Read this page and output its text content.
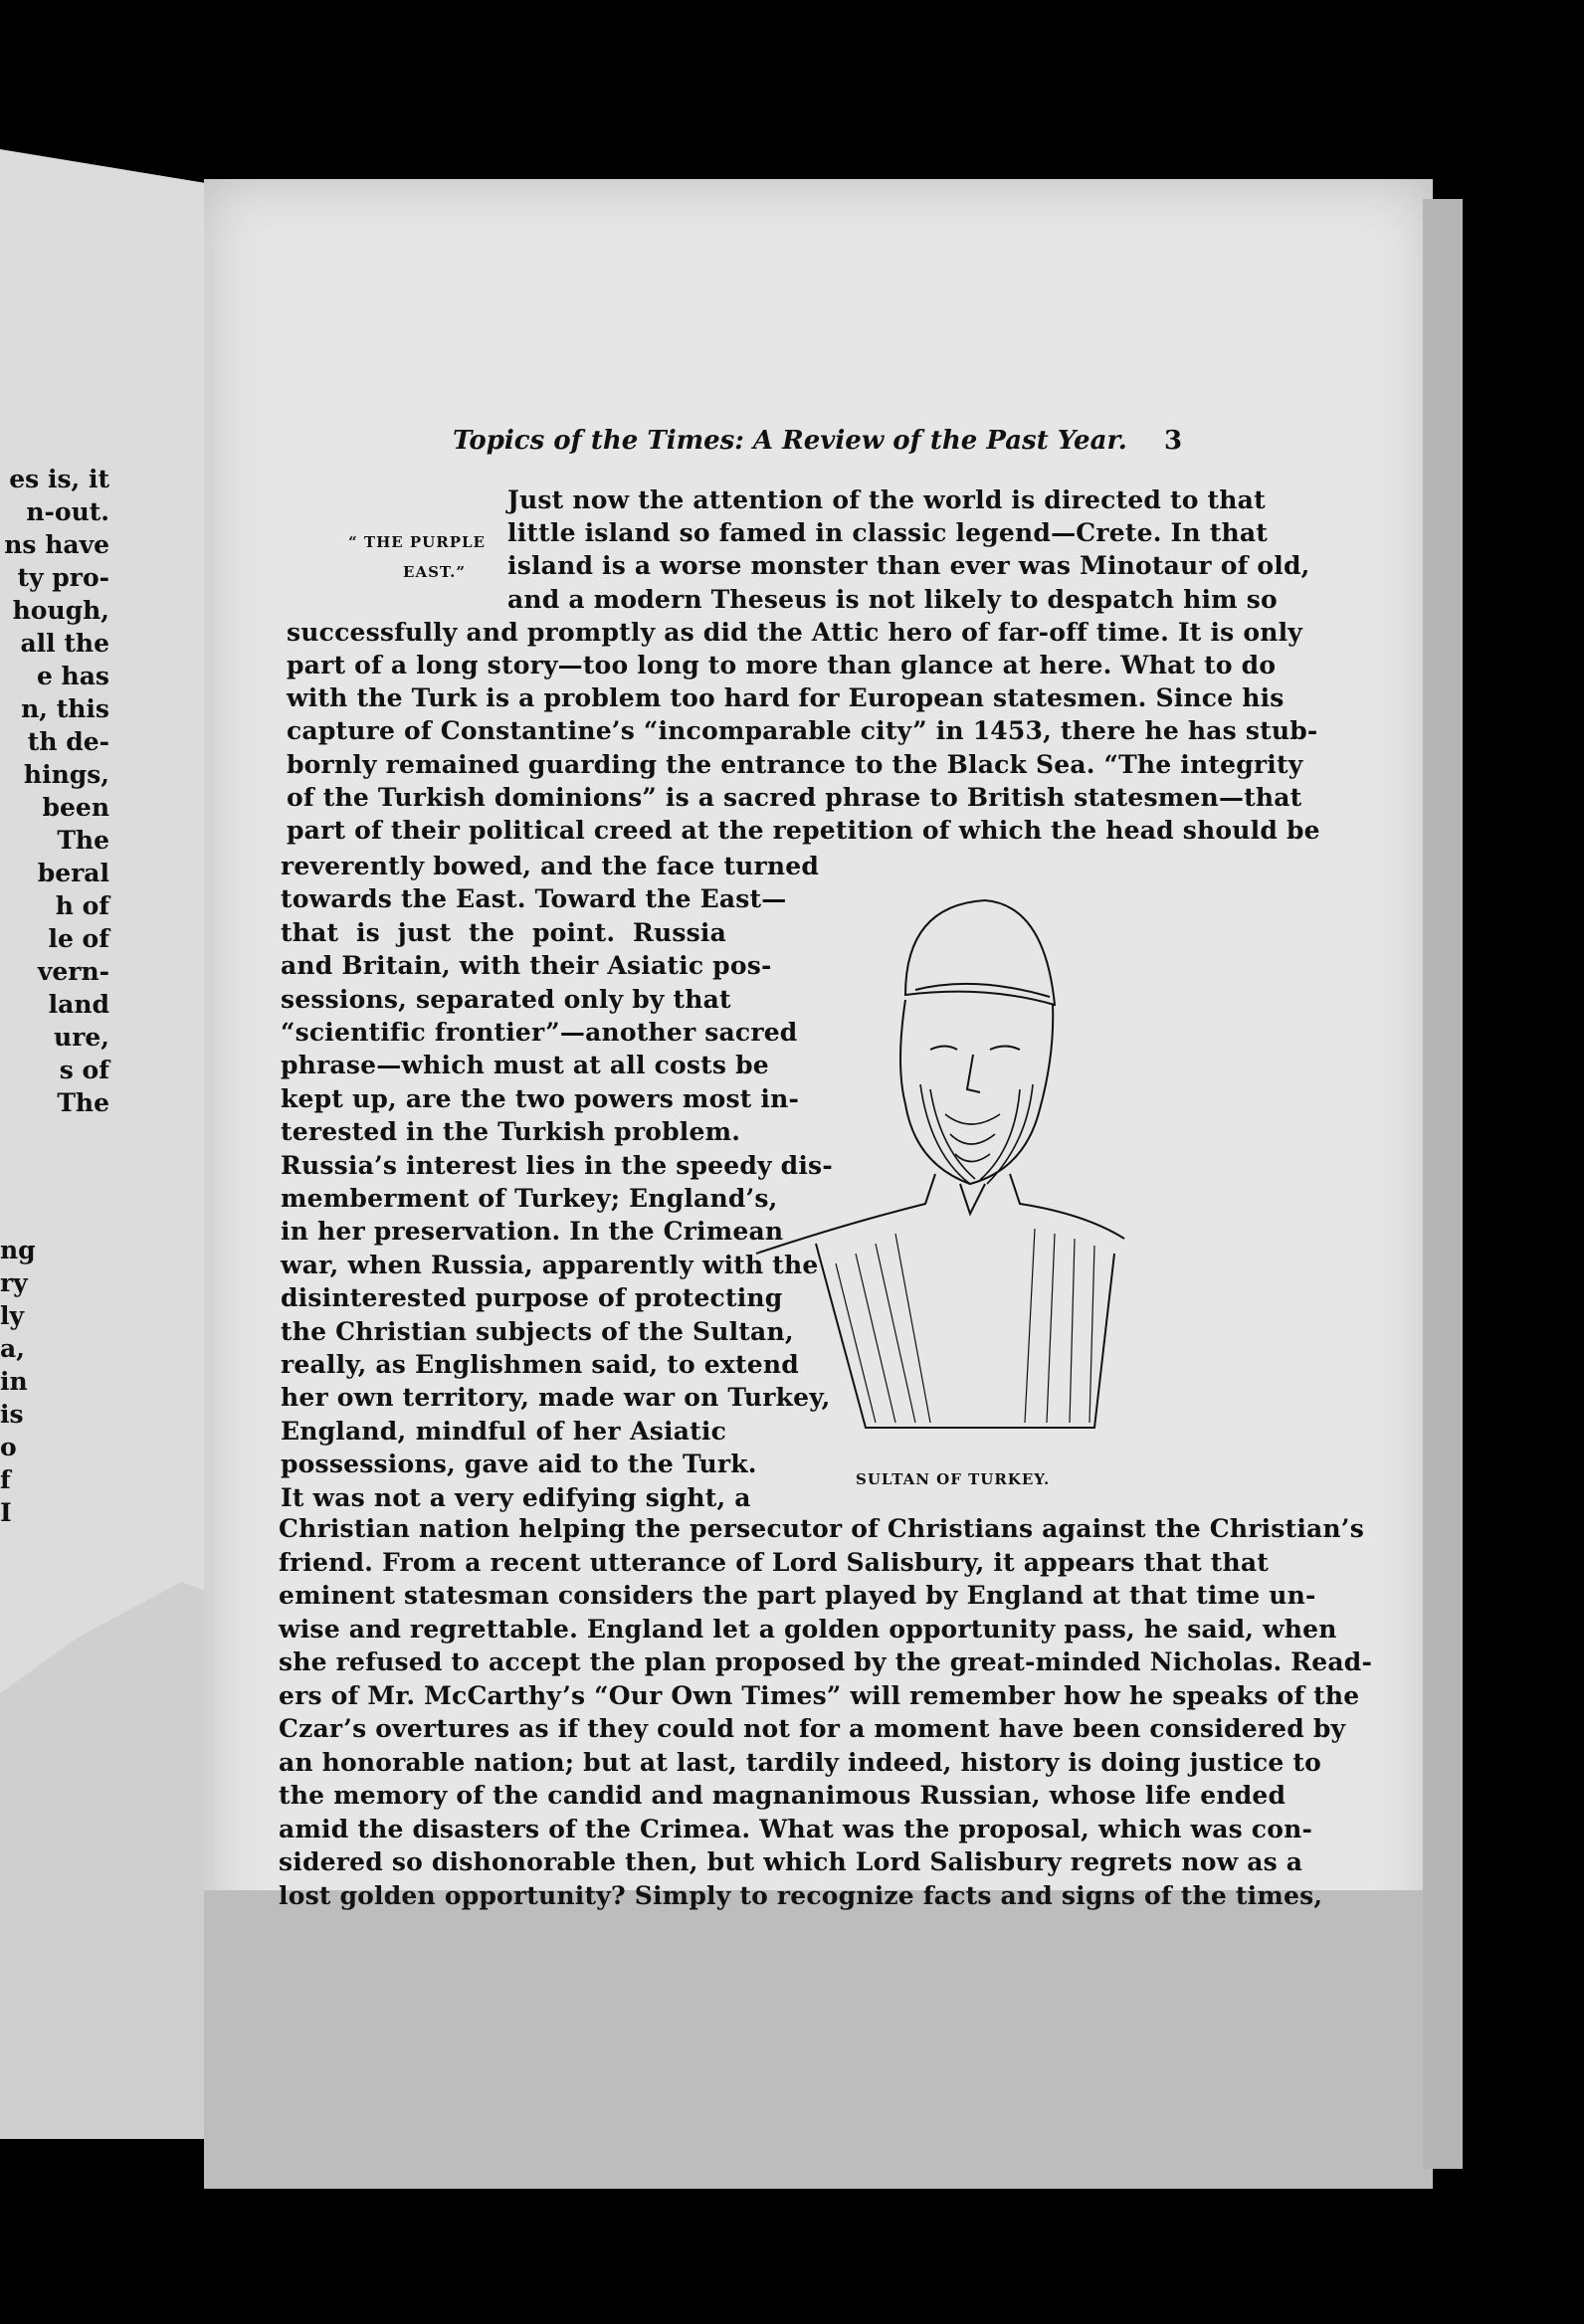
es is, it
n-out.
ns have
ty pro-
hough,
all the
e has
n, this
th de-
hings,
been
The
beral
h of
le of
vern-
land
ure,
s of
The
ng
ry
ly
a,
in
is
o
f
I
Topics of the Times: A Review of the Past Year. 3
“ THE PURPLE
EAST.”
Just now the attention of the world is directed to that
little island so famed in classic legend—Crete. In that
island is a worse monster than ever was Minotaur of old,
and a modern Theseus is not likely to despatch him so
successfully and promptly as did the Attic hero of far-off time. It is only
part of a long story—too long to more than glance at here. What to do
with the Turk is a problem too hard for European statesmen. Since his
capture of Constantine’s “incomparable city” in 1453, there he has stub-
bornly remained guarding the entrance to the Black Sea. “The integrity
of the Turkish dominions” is a sacred phrase to British statesmen—that
part of their political creed at the repetition of which the head should be
reverently bowed, and the face turned
towards the East. Toward the East—
that is just the point. Russia
and Britain, with their Asiatic pos-
sessions, separated only by that
“scientific frontier”—another sacred
phrase—which must at all costs be
kept up, are the two powers most in-
terested in the Turkish problem.
Russia’s interest lies in the speedy dis-
memberment of Turkey; England’s,
in her preservation. In the Crimean
war, when Russia, apparently with the
disinterested purpose of protecting
the Christian subjects of the Sultan,
really, as Englishmen said, to extend
her own territory, made war on Turkey,
England, mindful of her Asiatic
possessions, gave aid to the Turk.
It was not a very edifying sight, a
Christian nation helping the persecutor of Christians against the Christian’s
friend. From a recent utterance of Lord Salisbury, it appears that that
eminent statesman considers the part played by England at that time un-
wise and regrettable. England let a golden opportunity pass, he said, when
she refused to accept the plan proposed by the great-minded Nicholas. Read-
ers of Mr. McCarthy’s “Our Own Times” will remember how he speaks of the
Czar’s overtures as if they could not for a moment have been considered by
an honorable nation; but at last, tardily indeed, history is doing justice to
the memory of the candid and magnanimous Russian, whose life ended
amid the disasters of the Crimea. What was the proposal, which was con-
sidered so dishonorable then, but which Lord Salisbury regrets now as a
lost golden opportunity? Simply to recognize facts and signs of the times,
SULTAN OF TURKEY.
